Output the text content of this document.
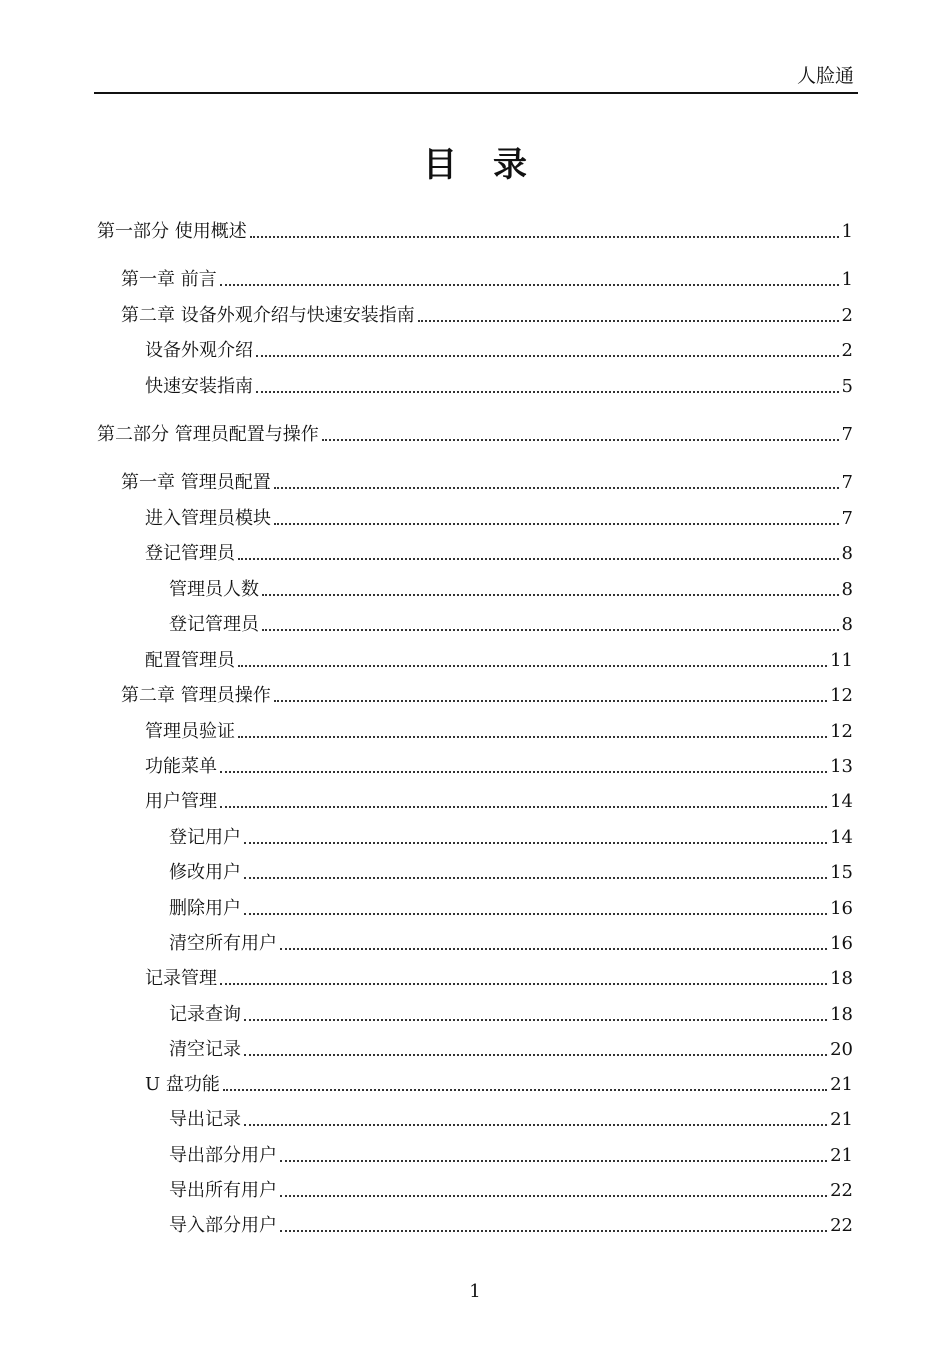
人脸通
目录
第一部分 使用概述	1
第一章 前言	1
第二章 设备外观介绍与快速安装指南	2
设备外观介绍	2
快速安装指南	5
第二部分 管理员配置与操作	7
第一章 管理员配置	7
进入管理员模块	7
登记管理员	8
管理员人数	8
登记管理员	8
配置管理员	11
第二章 管理员操作	12
管理员验证	12
功能菜单	13
用户管理	14
登记用户	14
修改用户	15
删除用户	16
清空所有用户	16
记录管理	18
记录查询	18
清空记录	20
U 盘功能	21
导出记录	21
导出部分用户	21
导出所有用户	22
导入部分用户	22
1
